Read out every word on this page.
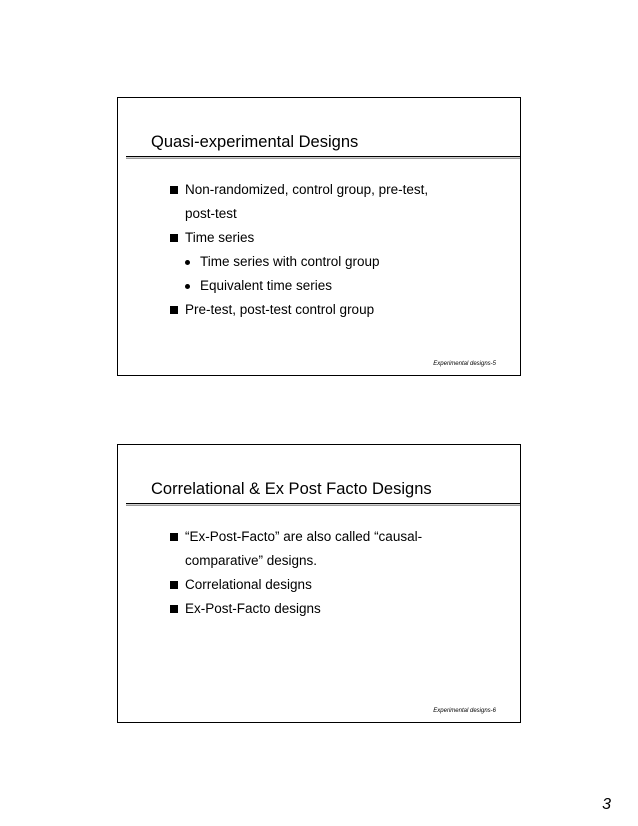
Quasi-experimental Designs
Non-randomized, control group, pre-test, post-test
Time series
Time series with control group
Equivalent time series
Pre-test, post-test control group
Experimental designs-5
Correlational & Ex Post Facto Designs
“Ex-Post-Facto” are also called “causal-comparative” designs.
Correlational designs
Ex-Post-Facto designs
Experimental designs-6
3
